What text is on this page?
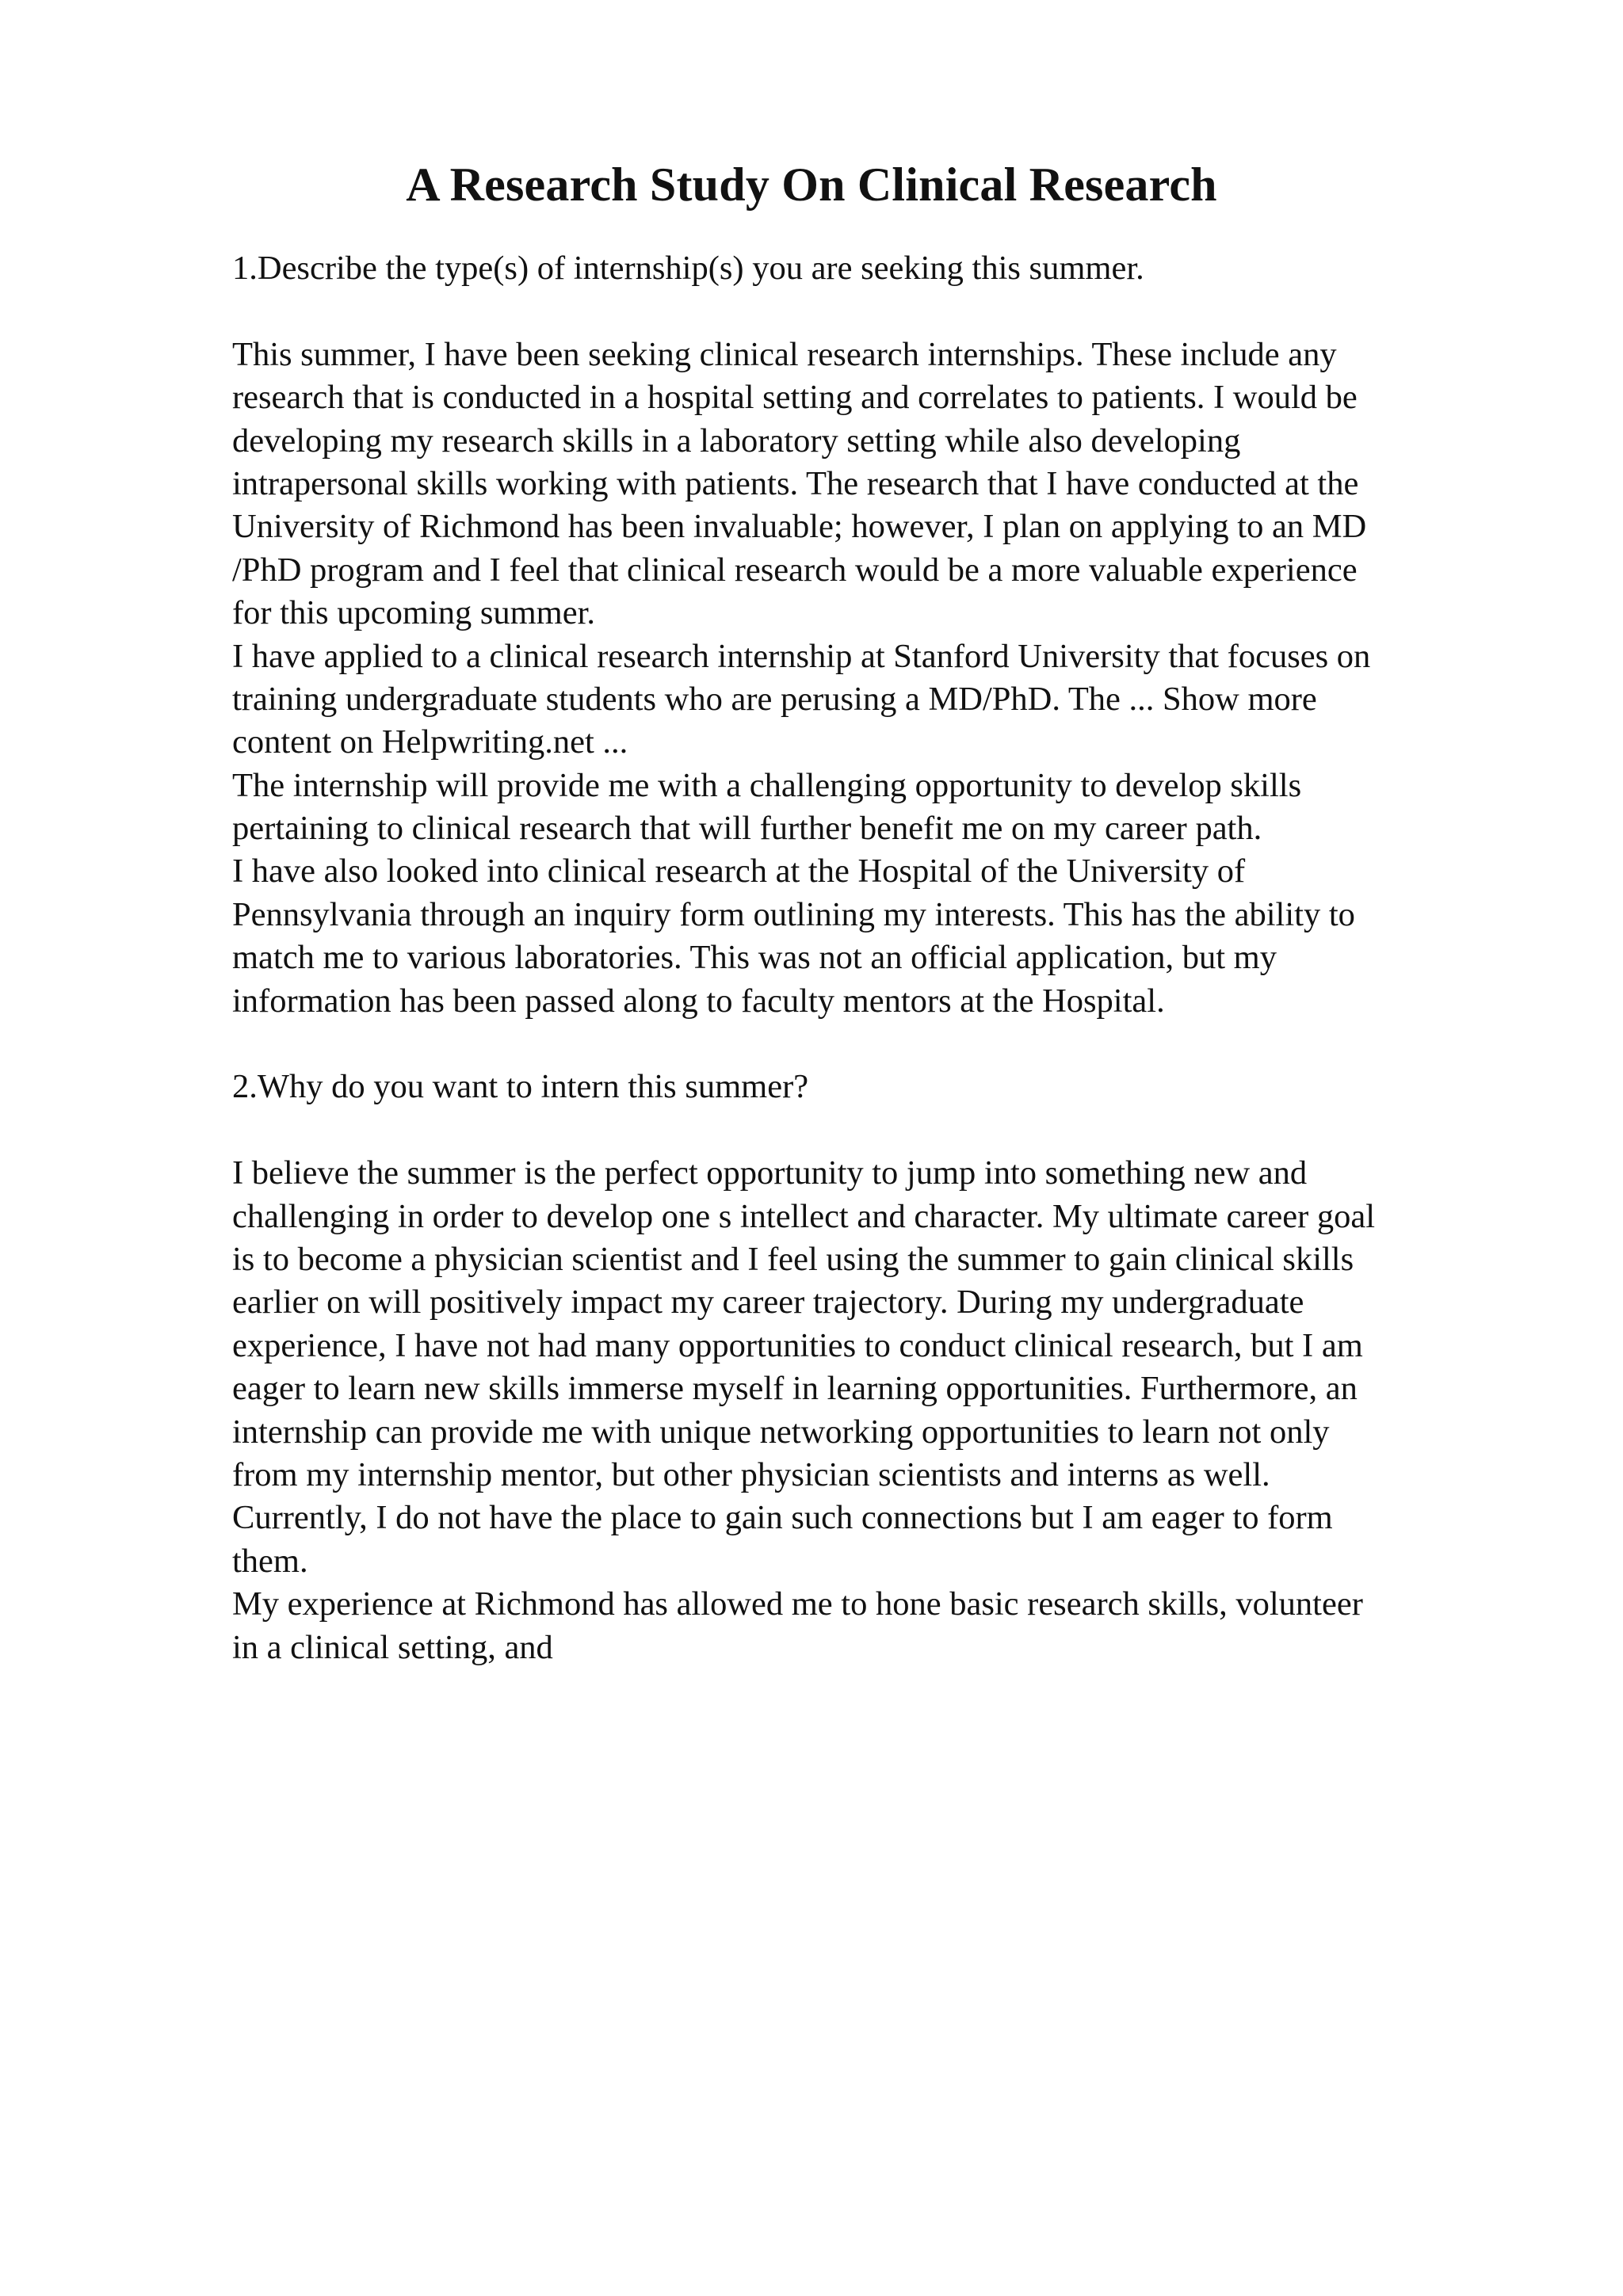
A Research Study On Clinical Research
1.Describe the type(s) of internship(s) you are seeking this summer.
This summer, I have been seeking clinical research internships. These include any
research that is conducted in a hospital setting and correlates to patients. I would be
developing my research skills in a laboratory setting while also developing
intrapersonal skills working with patients. The research that I have conducted at the
University of Richmond has been invaluable; however, I plan on applying to an MD
/PhD program and I feel that clinical research would be a more valuable experience
for this upcoming summer.
I have applied to a clinical research internship at Stanford University that focuses on
training undergraduate students who are perusing a MD/PhD. The ... Show more
content on Helpwriting.net ...
The internship will provide me with a challenging opportunity to develop skills
pertaining to clinical research that will further benefit me on my career path.
I have also looked into clinical research at the Hospital of the University of
Pennsylvania through an inquiry form outlining my interests. This has the ability to
match me to various laboratories. This was not an official application, but my
information has been passed along to faculty mentors at the Hospital.
2.Why do you want to intern this summer?
I believe the summer is the perfect opportunity to jump into something new and
challenging in order to develop one s intellect and character. My ultimate career goal
is to become a physician scientist and I feel using the summer to gain clinical skills
earlier on will positively impact my career trajectory. During my undergraduate
experience, I have not had many opportunities to conduct clinical research, but I am
eager to learn new skills immerse myself in learning opportunities. Furthermore, an
internship can provide me with unique networking opportunities to learn not only
from my internship mentor, but other physician scientists and interns as well.
Currently, I do not have the place to gain such connections but I am eager to form
them.
My experience at Richmond has allowed me to hone basic research skills, volunteer
in a clinical setting, and
